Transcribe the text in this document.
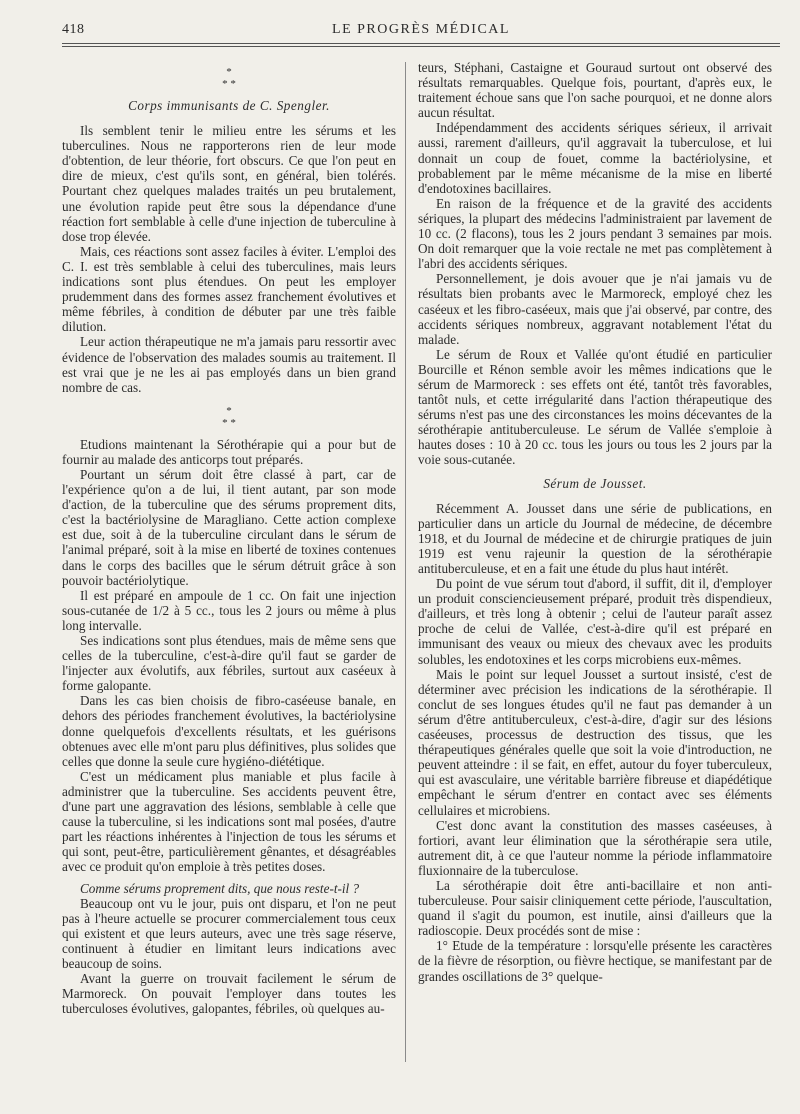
418	LE PROGRÈS MÉDICAL
*
* *
Corps immunisants de C. Spengler.

Ils semblent tenir le milieu entre les sérums et les tuberculines. Nous ne rapporterons rien de leur mode d'obtention, de leur théorie, fort obscurs. Ce que l'on peut en dire de mieux, c'est qu'ils sont, en général, bien tolérés. Pourtant chez quelques malades traités un peu brutalement, une évolution rapide peut être sous la dépendance d'une réaction fort semblable à celle d'une injection de tuberculine à dose trop élevée.

Mais, ces réactions sont assez faciles à éviter. L'emploi des C. I. est très semblable à celui des tuberculines, mais leurs indications sont plus étendues. On peut les employer prudemment dans des formes assez franchement évolutives et même fébriles, à condition de débuter par une très faible dilution.

Leur action thérapeutique ne m'a jamais paru ressortir avec évidence de l'observation des malades soumis au traitement. Il est vrai que je ne les ai pas employés dans un bien grand nombre de cas.

*
* *

Etudions maintenant la Sérothérapie qui a pour but de fournir au malade des anticorps tout préparés.

Pourtant un sérum doit être classé à part, car de l'expérience qu'on a de lui, il tient autant, par son mode d'action, de la tuberculine que des sérums proprement dits, c'est la bactériolysine de Maragliano. Cette action complexe est due, soit à de la tuberculine circulant dans le sérum de l'animal préparé, soit à la mise en liberté de toxines contenues dans le corps des bacilles que le sérum détruit grâce à son pouvoir bactériolytique.

Il est préparé en ampoule de 1 cc. On fait une injection sous-cutanée de 1/2 à 5 cc., tous les 2 jours ou même à plus long intervalle.

Ses indications sont plus étendues, mais de même sens que celles de la tuberculine, c'est-à-dire qu'il faut se garder de l'injecter aux évolutifs, aux fébriles, surtout aux caséeux à forme galopante.

Dans les cas bien choisis de fibro-caséeuse banale, en dehors des périodes franchement évolutives, la bactériolysine donne quelquefois d'excellents résultats, et les guérisons obtenues avec elle m'ont paru plus définitives, plus solides que celles que donne la seule cure hygiéno-diététique.

C'est un médicament plus maniable et plus facile à administrer que la tuberculine. Ses accidents peuvent être, d'une part une aggravation des lésions, semblable à celle que cause la tuberculine, si les indications sont mal posées, d'autre part les réactions inhérentes à l'injection de tous les sérums et qui sont, peut-être, particulièrement gênantes, et désagréables avec ce produit qu'on emploie à très petites doses.

Comme sérums proprement dits, que nous reste-t-il ?

Beaucoup ont vu le jour, puis ont disparu, et l'on ne peut pas à l'heure actuelle se procurer commercialement tous ceux qui existent et que leurs auteurs, avec une très sage réserve, continuent à étudier en limitant leurs indications avec beaucoup de soins.

Avant la guerre on trouvait facilement le sérum de Marmoreck. On pouvait l'employer dans toutes les tuberculoses évolutives, galopantes, fébriles, où quelques au-

teurs, Stéphani, Castaigne et Gouraud surtout ont observé des résultats remarquables. Quelque fois, pourtant, d'après eux, le traitement échoue sans que l'on sache pourquoi, et ne donne alors aucun résultat.

Indépendamment des accidents sériques sérieux, il arrivait aussi, rarement d'ailleurs, qu'il aggravait la tuberculose, et lui donnait un coup de fouet, comme la bactériolysine, et probablement par le même mécanisme de la mise en liberté d'endotoxines bacillaires.

En raison de la fréquence et de la gravité des accidents sériques, la plupart des médecins l'administraient par lavement de 10 cc. (2 flacons), tous les 2 jours pendant 3 semaines par mois. On doit remarquer que la voie rectale ne met pas complètement à l'abri des accidents sériques.

Personnellement, je dois avouer que je n'ai jamais vu de résultats bien probants avec le Marmoreck, employé chez les caséeux et les fibro-caséeux, mais que j'ai observé, par contre, des accidents sériques nombreux, aggravant notablement l'état du malade.

Le sérum de Roux et Vallée qu'ont étudié en particulier Bourcille et Rénon semble avoir les mêmes indications que le sérum de Marmoreck : ses effets ont été, tantôt très favorables, tantôt nuls, et cette irrégularité dans l'action thérapeutique des sérums n'est pas une des circonstances les moins décevantes de la sérothérapie antituberculeuse. Le sérum de Vallée s'emploie à hautes doses : 10 à 20 cc. tous les jours ou tous les 2 jours par la voie sous-cutanée.

Sérum de Jousset.

Récemment A. Jousset dans une série de publications, en particulier dans un article du Journal de médecine, de décembre 1918, et du Journal de médecine et de chirurgie pratiques de juin 1919 est venu rajeunir la question de la sérothérapie antituberculeuse, et en a fait une étude du plus haut intérêt.

Du point de vue sérum tout d'abord, il suffit, dit il, d'employer un produit consciencieusement préparé, produit très dispendieux, d'ailleurs, et très long à obtenir ; celui de l'auteur paraît assez proche de celui de Vallée, c'est-à-dire qu'il est préparé en immunisant des veaux ou mieux des chevaux avec les produits solubles, les endotoxines et les corps microbiens eux-mêmes.

Mais le point sur lequel Jousset a surtout insisté, c'est de déterminer avec précision les indications de la sérothérapie. Il conclut de ses longues études qu'il ne faut pas demander à un sérum d'être antituberculeux, c'est-à-dire, d'agir sur des lésions caséeuses, processus de destruction des tissus, que les thérapeutiques générales quelle que soit la voie d'introduction, ne peuvent atteindre : il se fait, en effet, autour du foyer tuberculeux, qui est avasculaire, une véritable barrière fibreuse et diapédétique empêchant le sérum d'entrer en contact avec ses éléments cellulaires et microbiens.

C'est donc avant la constitution des masses caséeuses, à fortiori, avant leur élimination que la sérothérapie sera utile, autrement dit, à ce que l'auteur nomme la période inflammatoire fluxionnaire de la tuberculose.

La sérothérapie doit être anti-bacillaire et non anti-tuberculeuse. Pour saisir cliniquement cette période, l'auscultation, quand il s'agit du poumon, est inutile, ainsi d'ailleurs que la radioscopie. Deux procédés sont de mise :

1° Etude de la température : lorsqu'elle présente les caractères de la fièvre de résorption, ou fièvre hectique, se manifestant par de grandes oscillations de 3° quelque-
